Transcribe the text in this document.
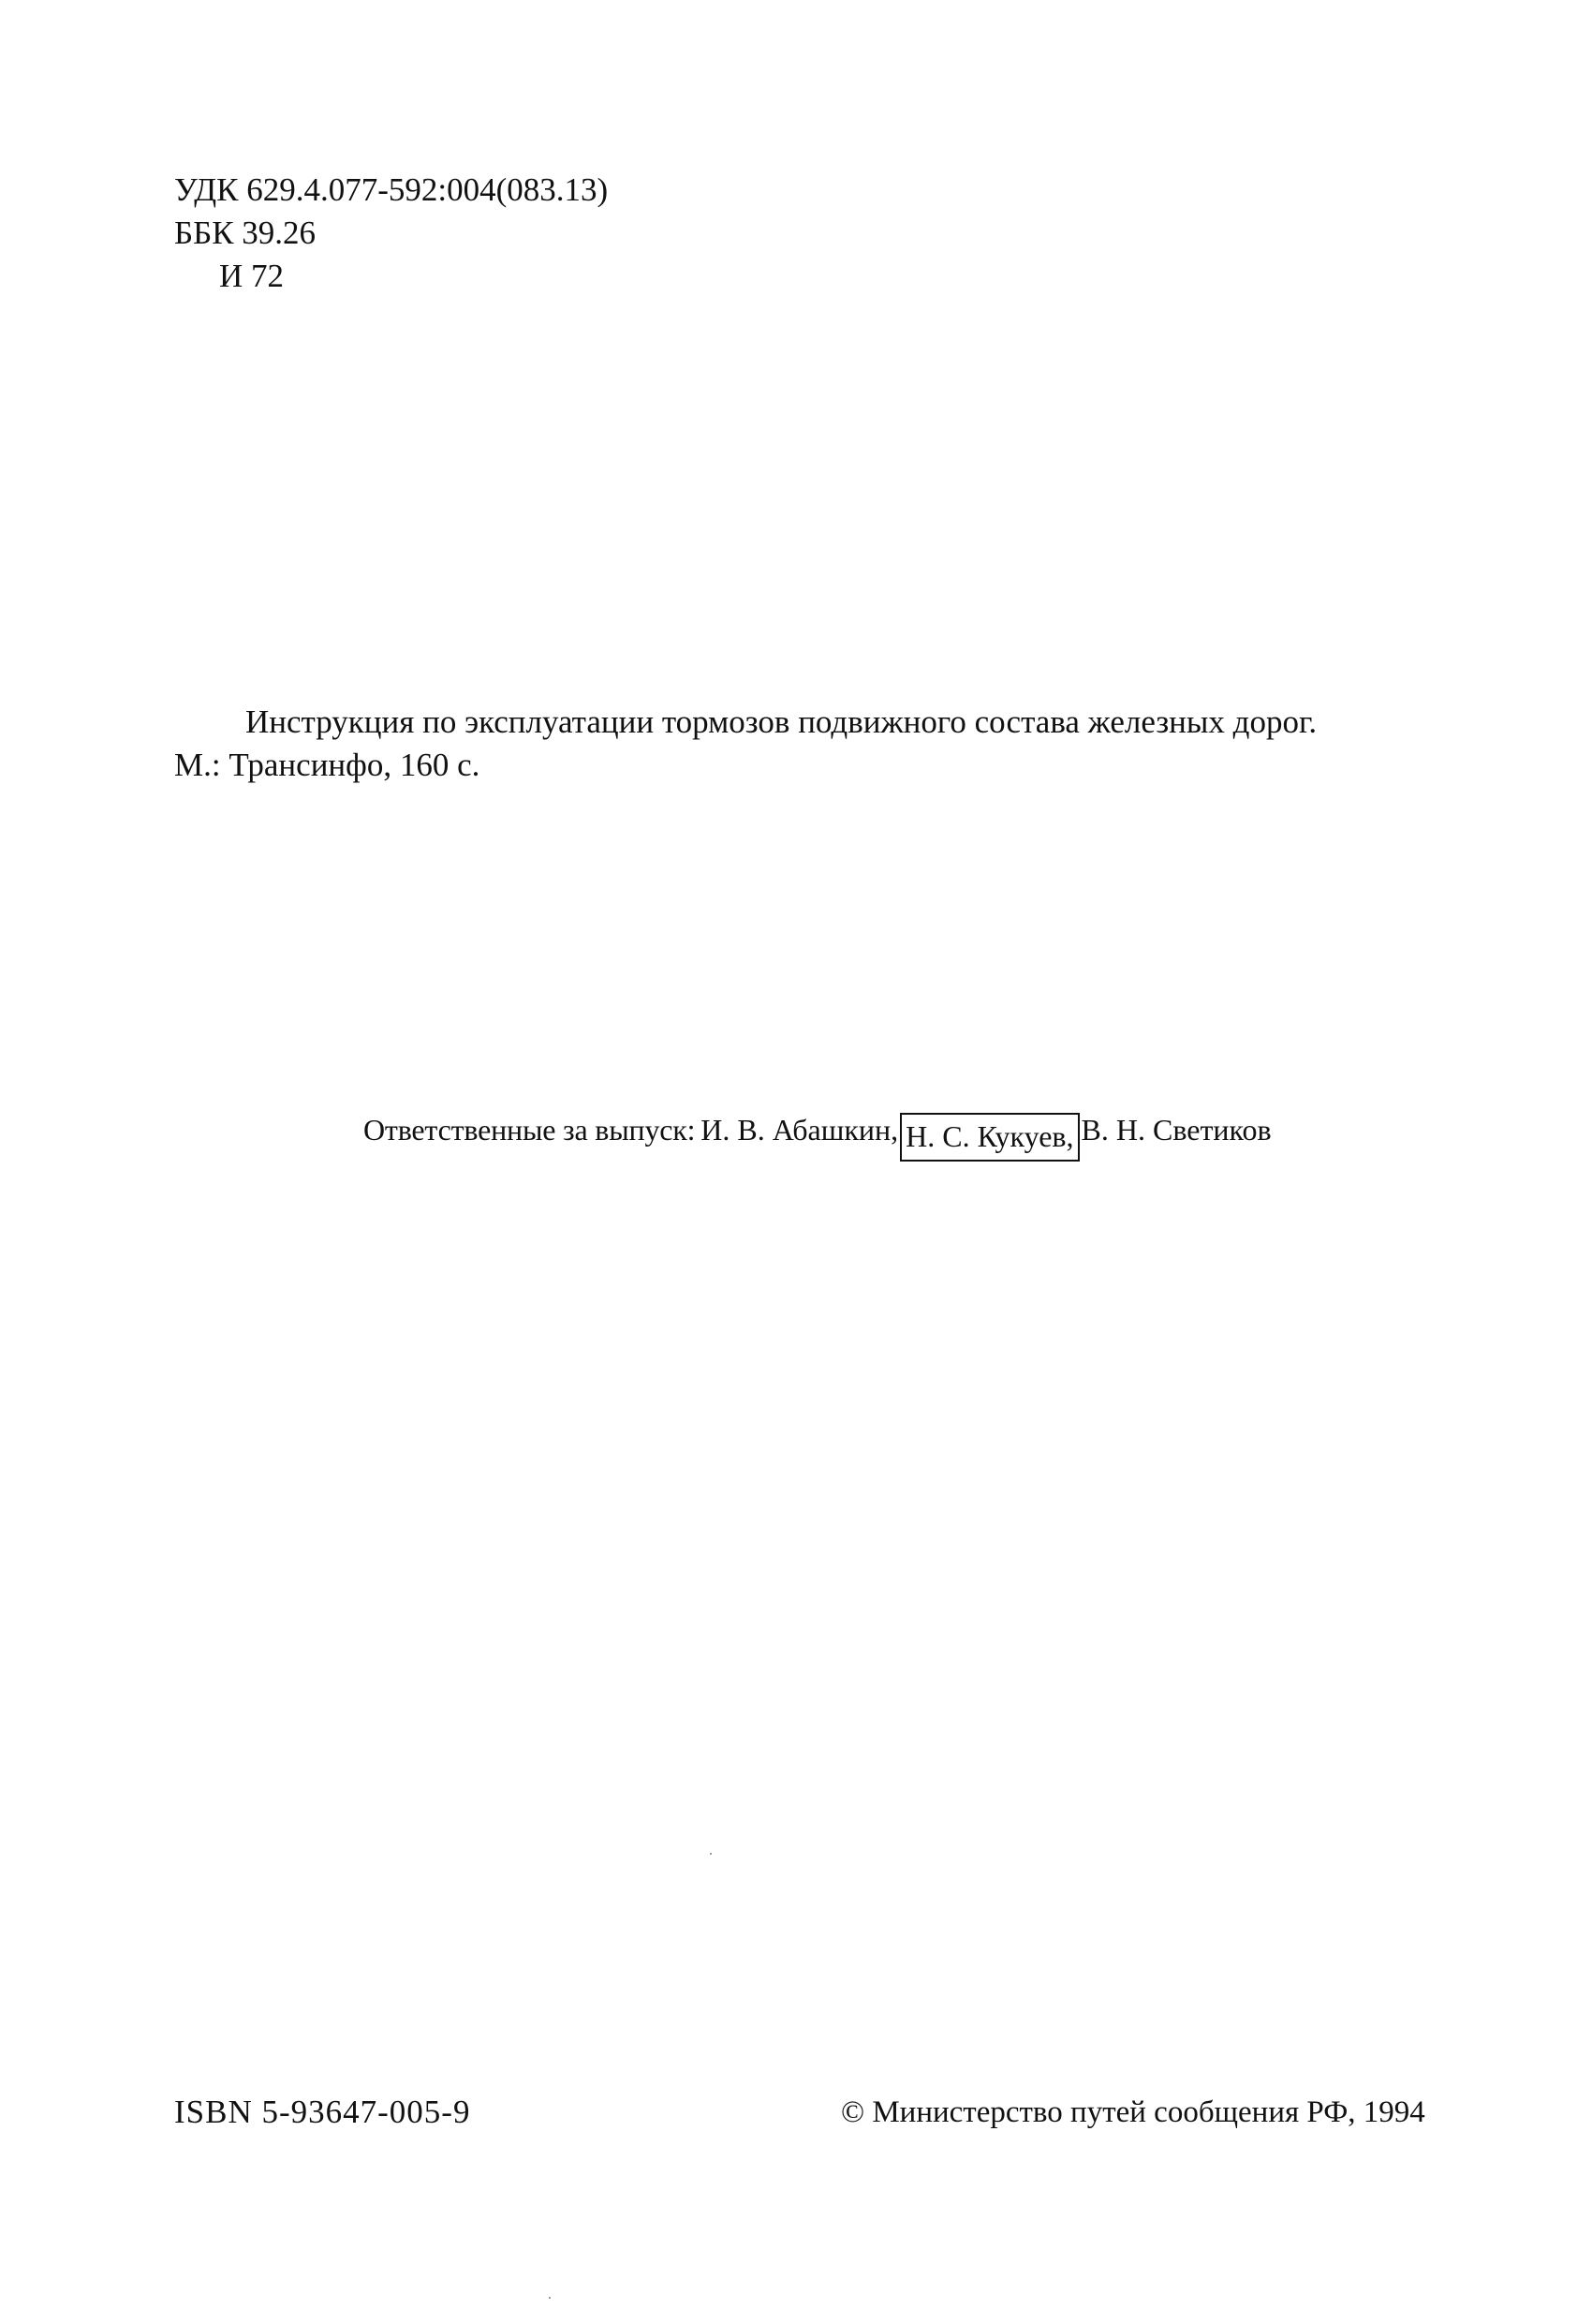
УДК 629.4.077-592:004(083.13)
ББК 39.26
И 72
Инструкция по эксплуатации тормозов подвижного состава железных дорог.
М.: Трансинфо, 160 с.
Ответственные за выпуск: И. В. Абашкин, Н. С. Кукуев, В. Н. Светиков
ISBN 5-93647-005-9	© Министерство путей сообщения РФ, 1994
